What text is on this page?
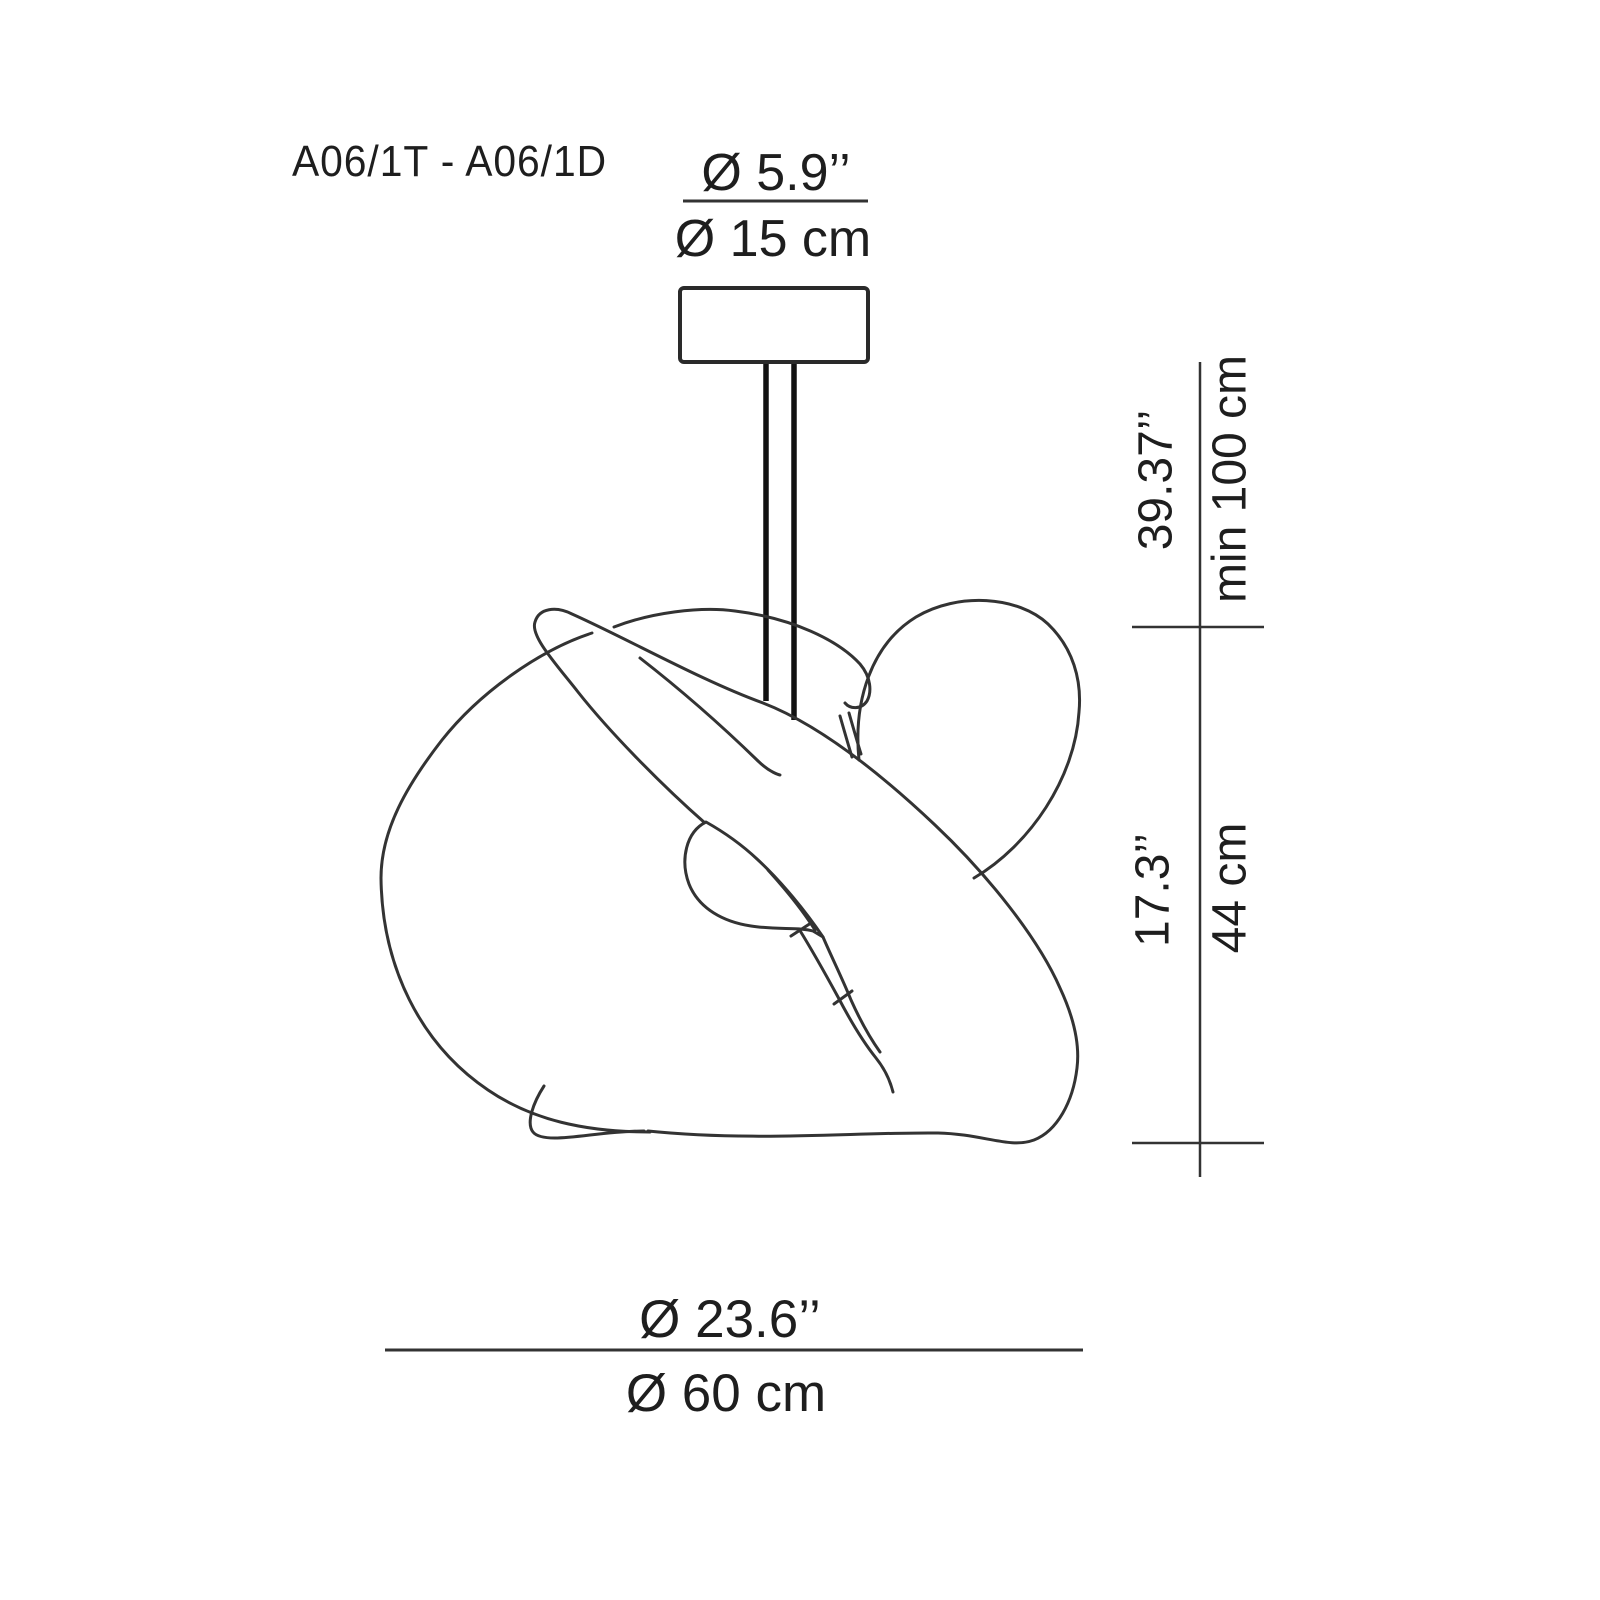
A06/1T - A06/1D Ø 5.9’’
Ø 15 cm
39.37’’ min 100 cm
17.3’’ 44 cm
Ø 23.6’’
Ø 60 cm
